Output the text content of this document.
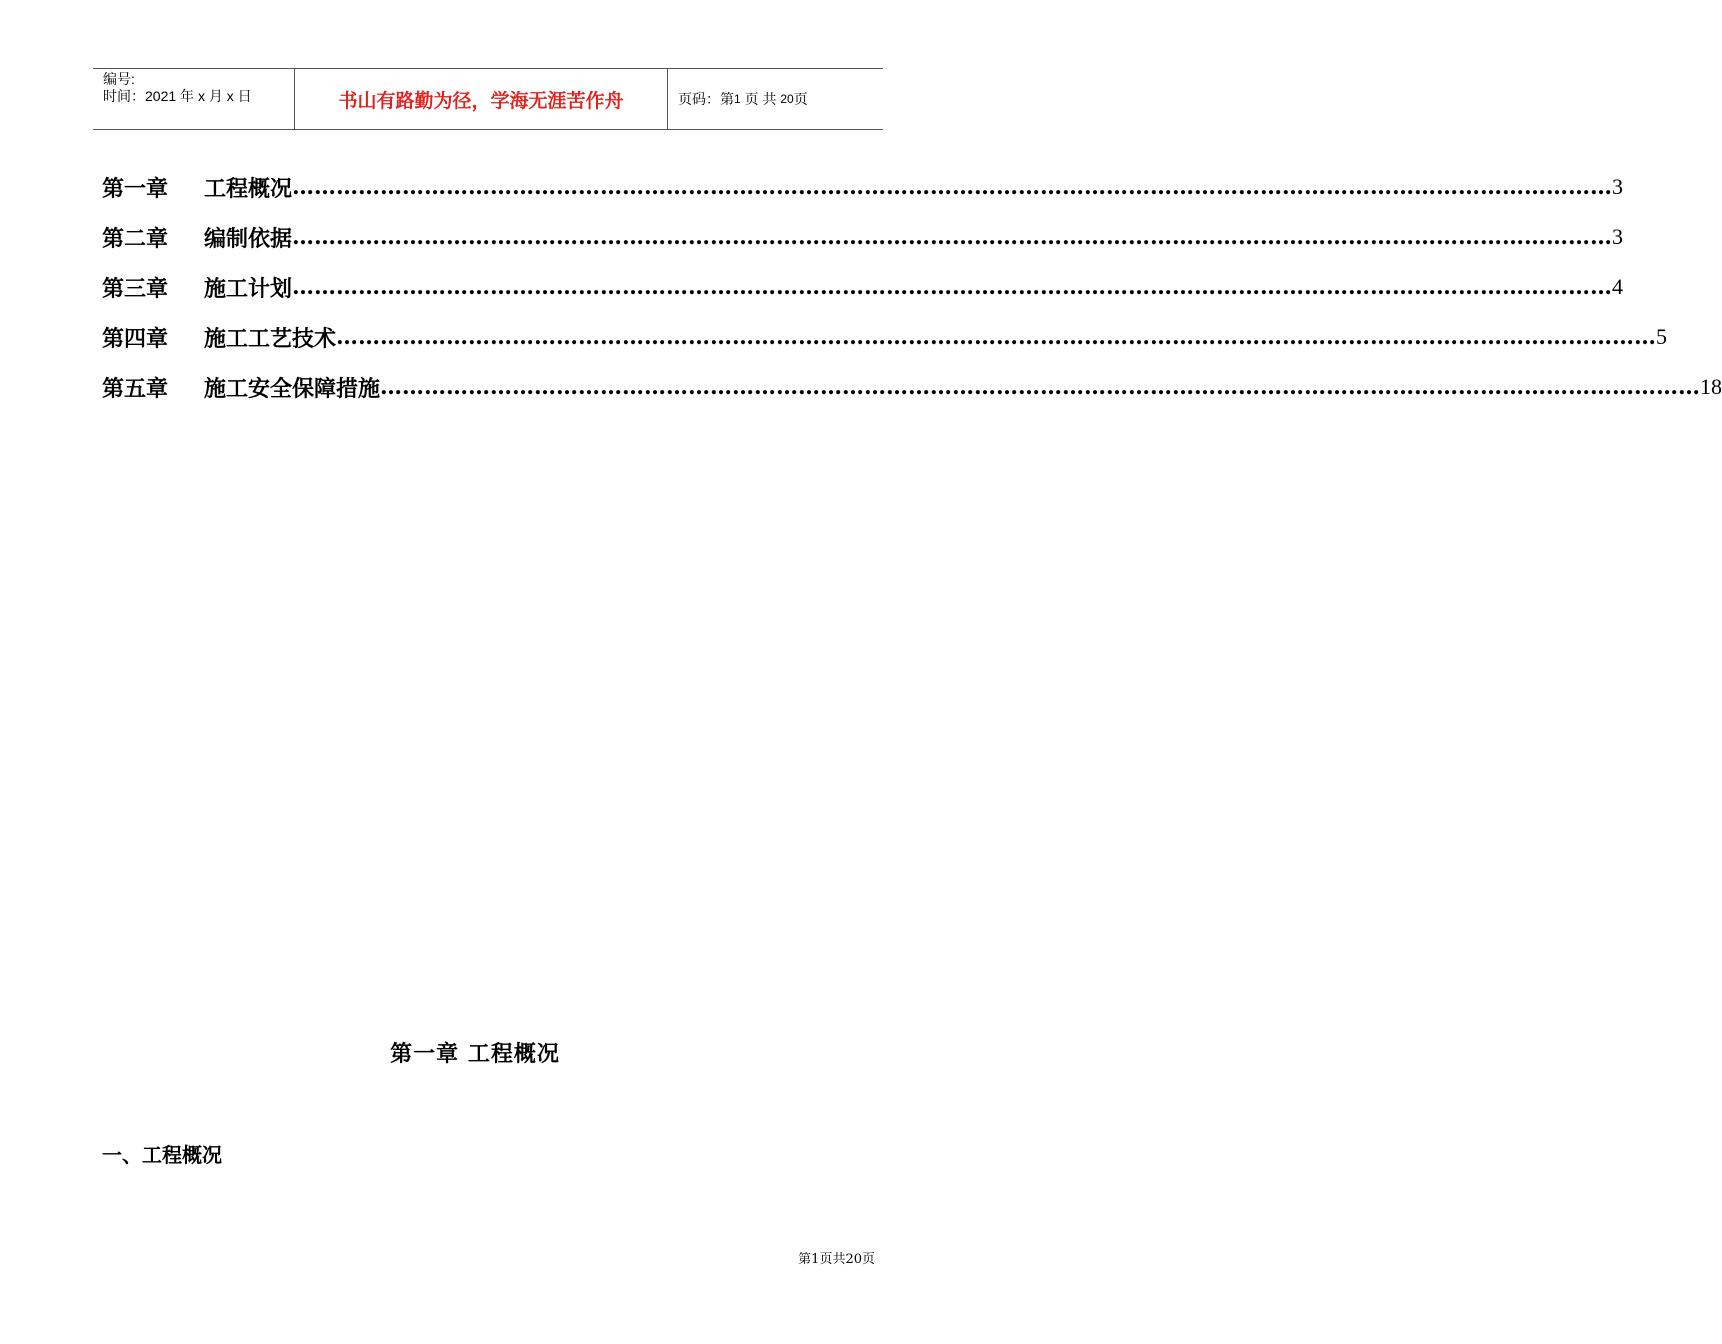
编号:
时间：2021 年 x 月 x 日	书山有路勤为径，学海无涯苦作舟	页码：第 1
页 共
20 页
第一章	工程概况 ……………………………………………………………………………………………………………………………………………………………… 3
第二章	编制依据 ……………………………………………………………………………………………………………………………………………………………… 3
第三章	施工计划 ……………………………………………………………………………………………………………………………………………………………… 4
第四章	施工工艺技术 ……………………………………………………………………………………………………………………………………………………………… 5
第五章	施工安全保障措施 ……………………………………………………………………………………………………………………………………………………………… 18
第一章 工程概况
一、工程概况
第1页共20页
